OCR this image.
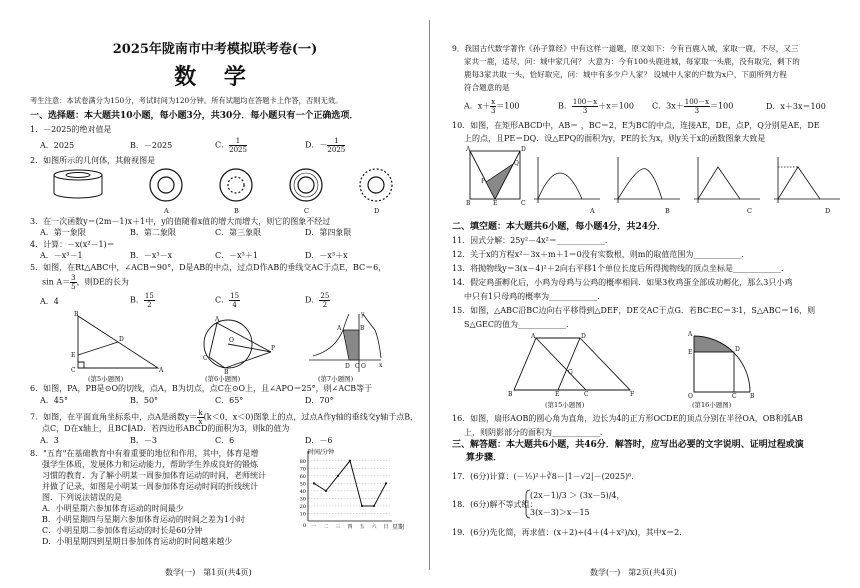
2025年陇南市中考模拟联考卷(一)
数 学
考生注意：本试卷满分为150分，考试时间为120分钟。所有试题均在答题卡上作答，否则无效。
一、选择题：本大题共10小题，每小题3分，共30分．每小题只有一个正确选项．
1．－2025的绝对值是
A．2025	B．－2025	C． $\frac{1}{2025}$	D．－ $\frac{1}{2025}$
2．如图所示的几何体，其俯视图是
A	B	C	D
3．在一次函数y＝(2m－1)x＋1中，y的值随着x值的增大而增大，则它的图象不经过
A．第一象限	B．第二象限	C．第三象限	D．第四象限
4．计算：－x(x²－1)＝
A．－x³－1	B．－x³－x	C．－x³＋1	D．－x³＋x
5．如图，在Rt△ABC中，∠ACB＝90°，D是AB的中点，过点D作AB的垂线交AC于点E，BC＝6，
$\sin A= \frac{3}{5}$ ，则DE的长为
A．4	B． $\frac{15}{2}$	C． $\frac{15}{4}$	D． $\frac{25}{2}$
B
D
E
C	A
(第5小题图)
A
O
P
C
B
(第6小题图)
A	B
D C O x
y
(第7小题图)
6．如图，PA，PB是⊙O的切线，点A，B为切点，点C在⊙O上，且∠APO＝25°，则∠ACB等于
A．45°	B．50°	C．65°	D．70°
7．如图，在平面直角坐标系中，点A是函数$y= \frac{k}{x} (k<0$，x＜0)图象上的点，过点A作y轴的垂线交y轴于点B，
点C，D在x轴上，且BC∥AD．若四边形ABCD的面积为3，则k的值为
A．3	B．－3	C．6	D．－6
8．"五育"在基础教育中有着重要的地位和作用，其中，体育是增
强学生体质，发展体力和运动能力，帮助学生养成良好的锻炼
习惯的教育．为了解小明某一周参加体育运动的时间，老师统计
并做了记录，如图是小明某一周参加体育运动时间的折线统计
图．下列说法错误的是
A．小明星期六参加体育运动的时间最少
B．小明星期四与星期六参加体育运动的时间之差为1小时
C．小明星期二参加体育运动的时长是60分钟
D．小明星期四到星期日参加体育运动的时间越来越少
时间/分钟
星期
0
10
20
30
40
50
60
70
80
一 二 三 四 五 六 日
数学(一)　第1页(共4页)
9．我国古代数学著作《孙子算经》中有这样一道题，原文如下：今有百鹿入城，家取一鹿，不尽，又三
家共一鹿，适尽，问：城中家几何？ 大意为：今有100头鹿进城，每家取一头鹿，没有取完，剩下的
鹿每3家共取一头，恰好取完，问：城中有多少户人家？ 设城中人家的户数为x户，下面所列方程
符合题意的是
A．$x+ \frac{x}{3} =100$	B． $\frac{100-x}{3} +x=100$ C．$3x+ \frac{100-x}{3} =100$	D．x＋3x＝100
10．如图，在矩形ABCD中，AB＝ ，BC＝2，E为BC的中点，连接AE，DE，点P，Q分别是AE，DE
上的点，且PE＝DQ．设△EPQ的面积为y，PE的长为x，则y关于x的函数图象大致是
A	D
B	C
E
P
Q
A	B	C	D
二、填空题：本大题共6小题，每小题4分，共24分．
11．因式分解：25y²－4x²＝____________．
12．关于x的方程x²－3x＋m＋1＝0没有实数根，则m的取值范围为____________．
13．将抛物线y＝3(x－4)²＋2向右平移1个单位长度后所得抛物线的顶点坐标是____________．
14．假定鸡蛋孵化后，小鸡为母鸡与公鸡的概率相同．如果3枚鸡蛋全部成功孵化，那么3只小鸡
中只有1只母鸡的概率为____________．
15．如图，△ABC沿BC边向右平移得到△DEF，DE交AC于点G．若BC∶EC＝3∶1，S△ABC＝16，则
S△GEC的值为____________．
A	D
B	E
G
C	F
(第15小题图)
A
E	D
O	C B
(第16小题图)
16．如图，扇形AOB的圆心角为直角，边长为4的正方形OCDE的顶点分别在半径OA，OB和弧AB
上，则阴影部分的面积为____________．
三、解答题：本大题共6小题，共46分．解答时，应写出必要的文字说明、证明过程或演
算步骤．
17．(6分)计算：(－½)²＋∛8－|1－√2|－(2025)⁰．
18．(6分)解不等式组：
(2x－1)/3 ＞ (3x－5)/4，
3(x－3)＞x－15
19．(6分)先化简，再求值：(x＋2)÷(4＋(4＋x²)/x)，其中x＝2．
数学(一)　第2页(共4页)
